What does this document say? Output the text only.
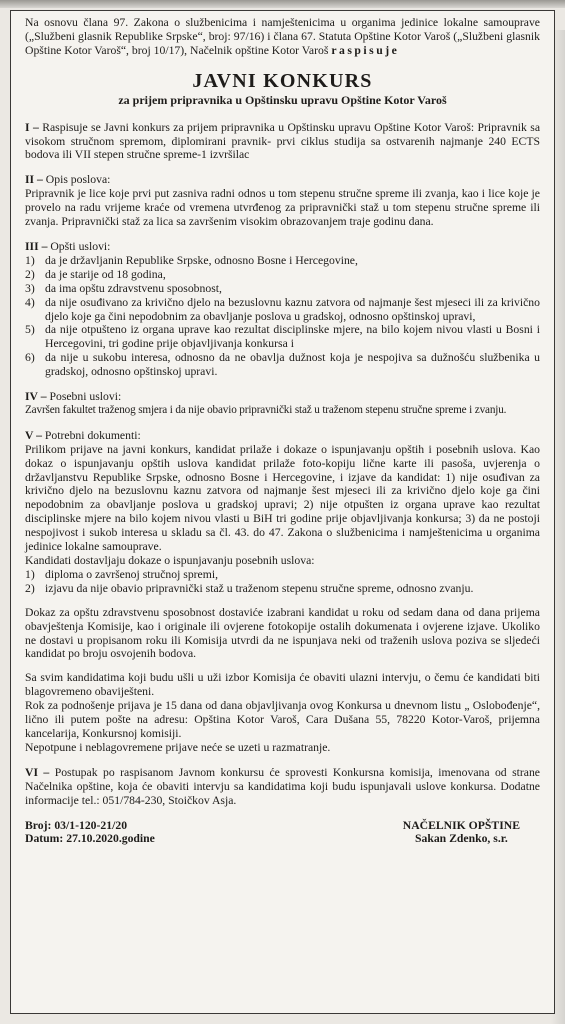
Na osnovu člana 97. Zakona o službenicima i namještenicima u organima jedinice lokalne samouprave („Službeni glasnik Republike Srpske“, broj: 97/16) i člana 67. Statuta Opštine Kotor Varoš („Službeni glasnik Opštine Kotor Varoš“, broj 10/17), Načelnik opštine Kotor Varoš raspisuje

JAVNI KONKURS
za prijem pripravnika u Opštinsku upravu Opštine Kotor Varoš

I – Raspisuje se Javni konkurs za prijem pripravnika u Opštinsku upravu Opštine Kotor Varoš: Pripravnik sa visokom stručnom spremom, diplomirani pravnik- prvi ciklus studija sa ostvarenih najmanje 240 ECTS bodova ili VII stepen stručne spreme-1 izvršilac

II – Opis poslova:

Pripravnik je lice koje prvi put zasniva radni odnos u tom stepenu stručne spreme ili zvanja, kao i lice koje je provelo na radu vrijeme kraće od vremena utvrđenog za pripravnički staž u tom stepenu stručne spreme ili zvanja. Pripravnički staž za lica sa završenim visokim obrazovanjem traje godinu dana.

III – Opšti uslovi:
1) da je državljanin Republike Srpske, odnosno Bosne i Hercegovine,
2) da je starije od 18 godina,
3) da ima opštu zdravstvenu sposobnost,
4) da nije osuđivano za krivično djelo na bezuslovnu kaznu zatvora od najmanje šest mjeseci ili za krivično djelo koje ga čini nepodobnim za obavljanje poslova u gradskoj, odnosno opštinskoj upravi,
5) da nije otpušteno iz organa uprave kao rezultat disciplinske mjere, na bilo kojem nivou vlasti u Bosni i Hercegovini, tri godine prije objavljivanja konkursa i
6) da nije u sukobu interesa, odnosno da ne obavlja dužnost koja je nespojiva sa dužnošću službenika u gradskoj, odnosno opštinskoj upravi.
IV – Posebni uslovi:

Završen fakultet traženog smjera i da nije obavio pripravnički staž u traženom stepenu stručne spreme i zvanju.

V – Potrebni dokumenti:

Prilikom prijave na javni konkurs, kandidat prilaže i dokaze o ispunjavanju opštih i posebnih uslova. Kao dokaz o ispunjavanju opštih uslova kandidat prilaže foto-kopiju lične karte ili pasoša, uvjerenja o državljanstvu Republike Srpske, odnosno Bosne i Hercegovine, i izjave da kandidat: 1) nije osuđivan za krivično djelo na bezuslovnu kaznu zatvora od najmanje šest mjeseci ili za krivično djelo koje ga čini nepodobnim za obavljanje poslova u gradskoj upravi; 2) nije otpušten iz organa uprave kao rezultat disciplinske mjere na bilo kojem nivou vlasti u BiH tri godine prije objavljivanja konkursa; 3) da ne postoji nespojivost i sukob interesa u skladu sa čl. 43. do 47. Zakona o službenicima i namještenicima u organima jedinice lokalne samouprave.

Kandidati dostavljaju dokaze o ispunjavanju posebnih uslova:

1) diploma o završenoj stručnoj spremi,
2) izjavu da nije obavio pripravnički staž u traženom stepenu stručne spreme, odnosno zvanju.

Dokaz za opštu zdravstvenu sposobnost dostaviće izabrani kandidat u roku od sedam dana od dana prijema obavještenja Komisije, kao i originale ili ovjerene fotokopije ostalih dokumenata i ovjerene izjave. Ukoliko ne dostavi u propisanom roku ili Komisija utvrdi da ne ispunjava neki od traženih uslova poziva se sljedeći kandidat po broju osvojenih bodova.

Sa svim kandidatima koji budu ušli u uži izbor Komisija će obaviti ulazni intervju, o čemu će kandidati biti blagovremeno obaviješteni.

Rok za podnošenje prijava je 15 dana od dana objavljivanja ovog Konkursa u dnevnom listu „ Oslobođenje“, lično ili putem pošte na adresu: Opština Kotor Varoš, Cara Dušana 55, 78220 Kotor-Varoš, prijemna kancelarija, Konkursnoj komisiji.

Nepotpune i neblagovremene prijave neće se uzeti u razmatranje.

VI – Postupak po raspisanom Javnom konkursu će sprovesti Konkursna komisija, imenovana od strane Načelnika opštine, koja će obaviti intervju sa kandidatima koji budu ispunjavali uslove konkursa. Dodatne informacije tel.: 051/784-230, Stoičkov Asja.

Broj: 03/1-120-21/20
Datum: 27.10.2020.godine
NAČELNIK OPŠTINE
Sakan Zdenko, s.r.
